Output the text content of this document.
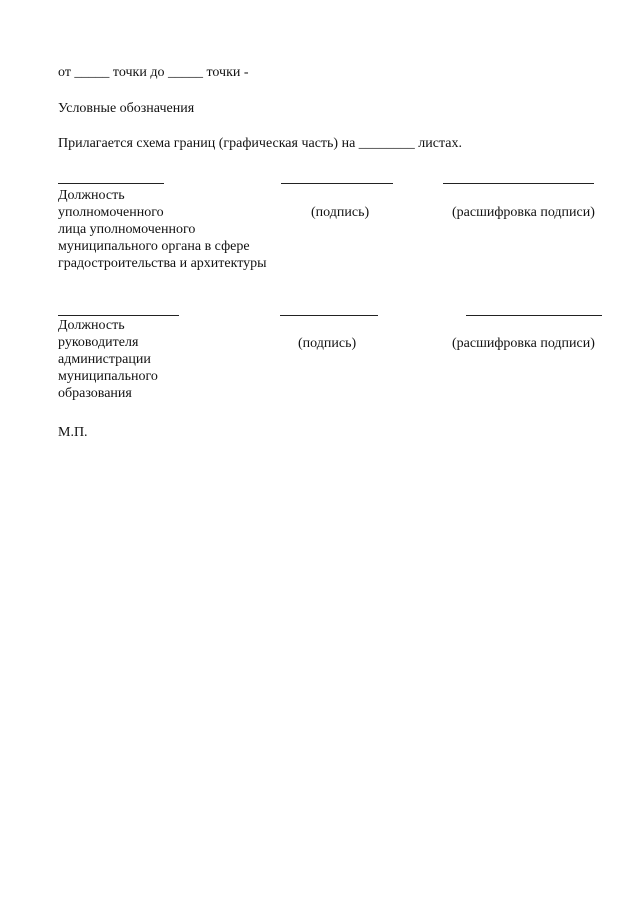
от _____ точки до _____ точки -
Условные обозначения
Прилагается схема границ (графическая часть) на ________ листах.
Должность
уполномоченного
лица уполномоченного
муниципального органа в сфере
градостроительства и архитектуры
(подпись)	(расшифровка подписи)
Должность
руководителя
администрации
муниципального
образования
(подпись)	(расшифровка подписи)
М.П.
